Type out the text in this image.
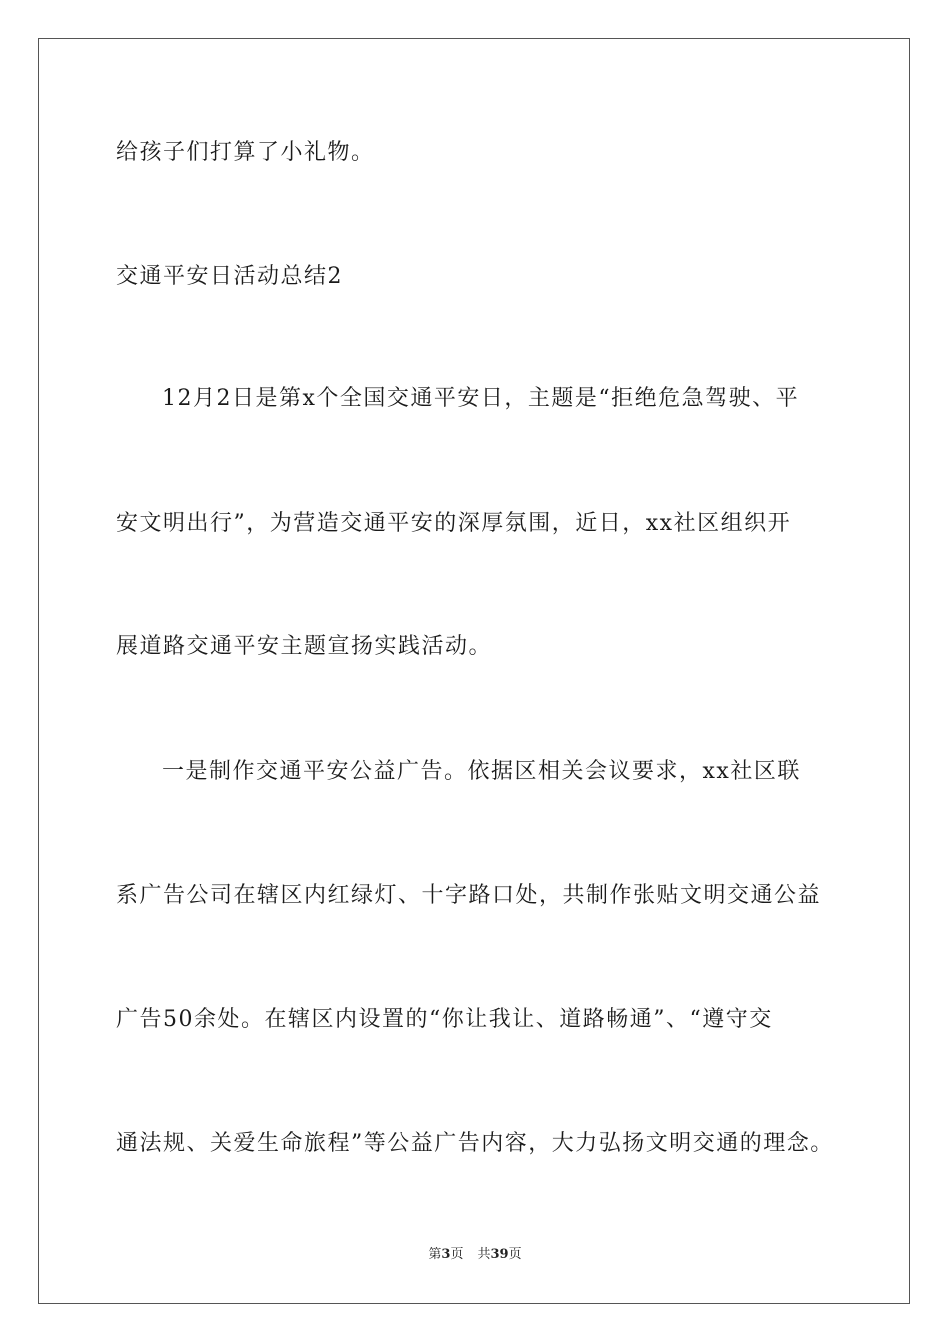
给孩子们打算了小礼物。
交通平安日活动总结2
12月2日是第x个全国交通平安日，主题是“拒绝危急驾驶、平
安文明出行”，为营造交通平安的深厚氛围，近日，xx社区组织开
展道路交通平安主题宣扬实践活动。
一是制作交通平安公益广告。依据区相关会议要求，xx社区联
系广告公司在辖区内红绿灯、十字路口处，共制作张贴文明交通公益
广告50余处。在辖区内设置的“你让我让、道路畅通”、“遵守交
通法规、关爱生命旅程”等公益广告内容，大力弘扬文明交通的理念。
第3页 共39页
